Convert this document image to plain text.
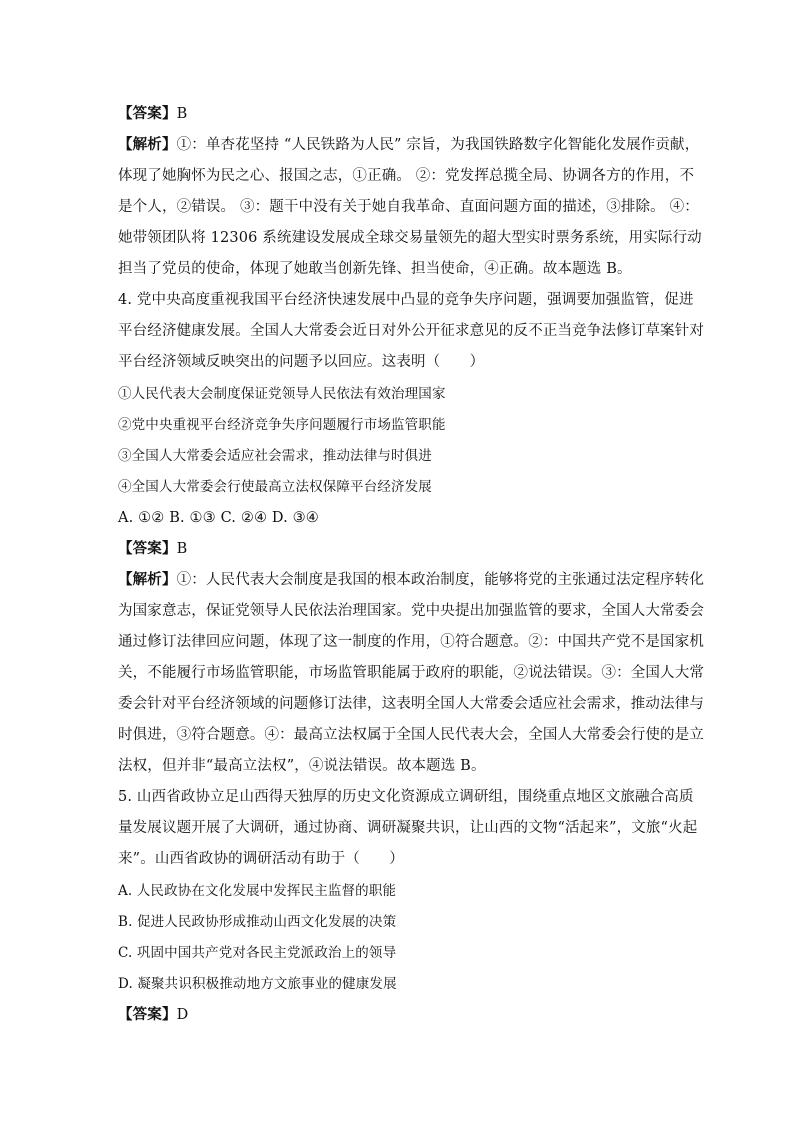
【答案】B
【解析】①：单杏花坚持 “人民铁路为人民” 宗旨，为我国铁路数字化智能化发展作贡献，
体现了她胸怀为民之心、报国之志，①正确。 ②：党发挥总揽全局、协调各方的作用，不
是个人，②错误。 ③：题干中没有关于她自我革命、直面问题方面的描述，③排除。 ④：
她带领团队将 12306 系统建设发展成全球交易量领先的超大型实时票务系统，用实际行动
担当了党员的使命，体现了她敢当创新先锋、担当使命，④正确。故本题选 B。
4. 党中央高度重视我国平台经济快速发展中凸显的竞争失序问题，强调要加强监管，促进
平台经济健康发展。全国人大常委会近日对外公开征求意见的反不正当竞争法修订草案针对
平台经济领域反映突出的问题予以回应。这表明（　　）
①人民代表大会制度保证党领导人民依法有效治理国家
②党中央重视平台经济竞争失序问题履行市场监管职能
③全国人大常委会适应社会需求，推动法律与时俱进
④全国人大常委会行使最高立法权保障平台经济发展
A. ①② B. ①③ C. ②④ D. ③④
【答案】B
【解析】①：人民代表大会制度是我国的根本政治制度，能够将党的主张通过法定程序转化
为国家意志，保证党领导人民依法治理国家。党中央提出加强监管的要求，全国人大常委会
通过修订法律回应问题，体现了这一制度的作用，①符合题意。②：中国共产党不是国家机
关，不能履行市场监管职能，市场监管职能属于政府的职能，②说法错误。③：全国人大常
委会针对平台经济领域的问题修订法律，这表明全国人大常委会适应社会需求，推动法律与
时俱进，③符合题意。④：最高立法权属于全国人民代表大会，全国人大常委会行使的是立
法权，但并非“最高立法权”，④说法错误。故本题选 B。
5. 山西省政协立足山西得天独厚的历史文化资源成立调研组，围绕重点地区文旅融合高质
量发展议题开展了大调研，通过协商、调研凝聚共识，让山西的文物“活起来”，文旅“火起
来”。山西省政协的调研活动有助于（　　）
A. 人民政协在文化发展中发挥民主监督的职能
B. 促进人民政协形成推动山西文化发展的决策
C. 巩固中国共产党对各民主党派政治上的领导
D. 凝聚共识积极推动地方文旅事业的健康发展
【答案】D
